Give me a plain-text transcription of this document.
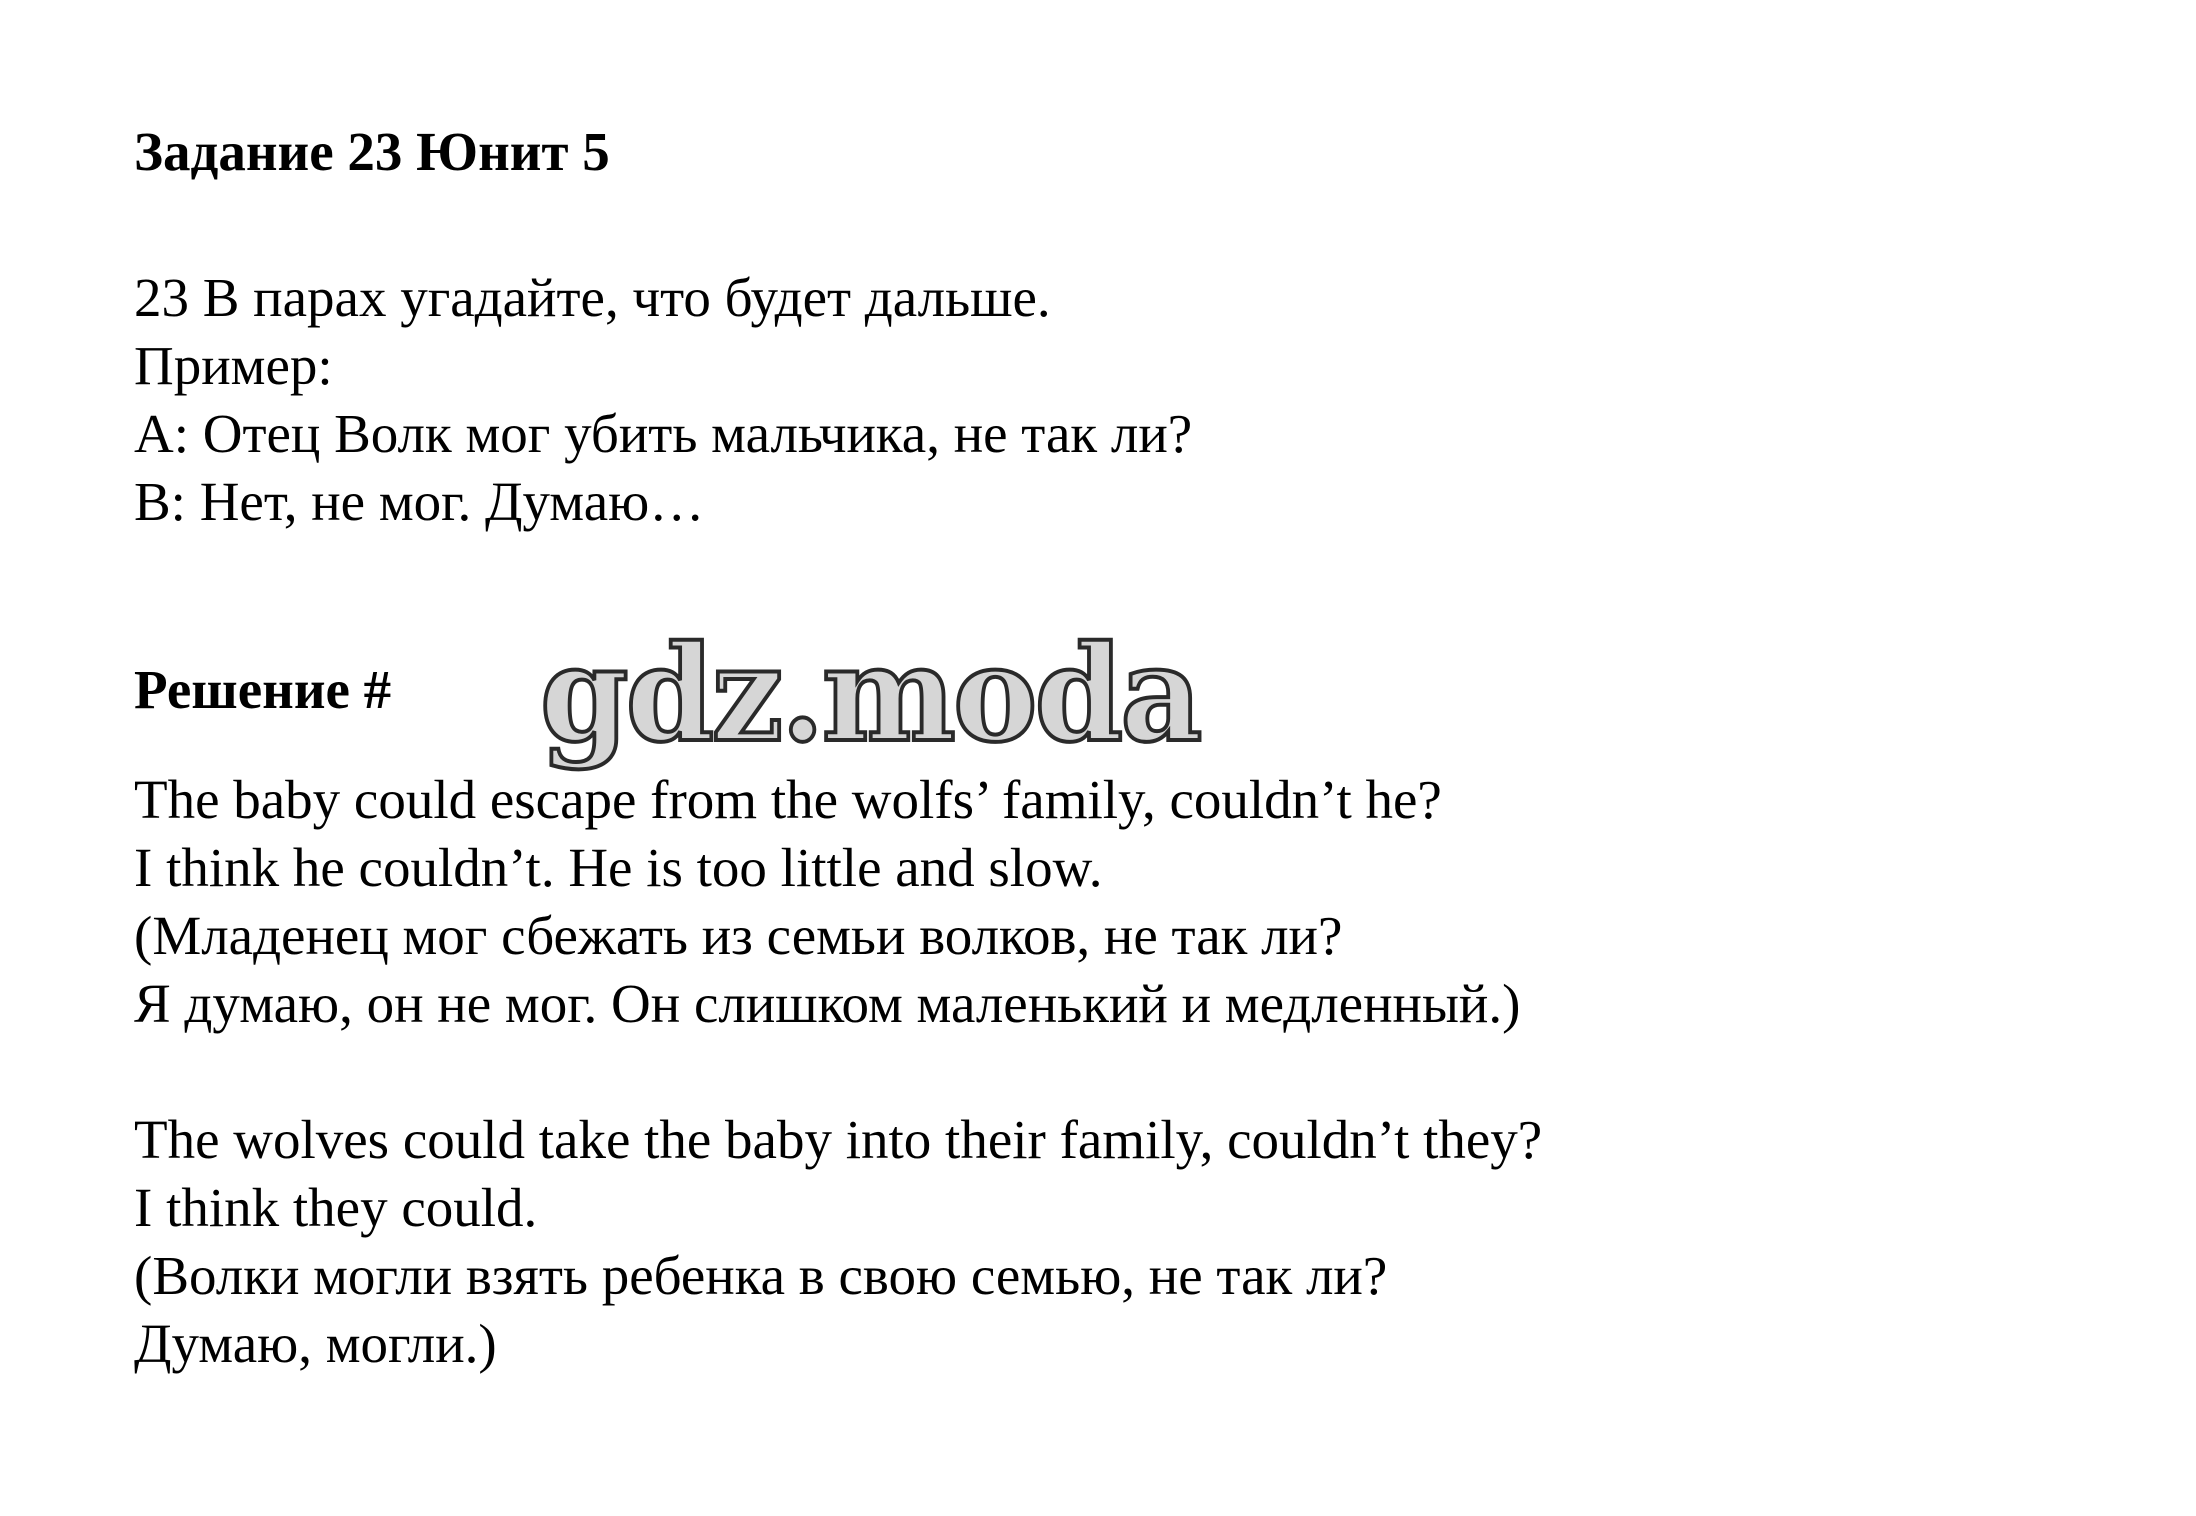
Задание 23 Юнит 5
23 В парах угадайте, что будет дальше.
Пример:
A: Отец Волк мог убить мальчика, не так ли?
B: Нет, не мог. Думаю…
Решение # gdz.moda
The baby could escape from the wolfs’ family, couldn’t he?
I think he couldn’t. He is too little and slow.
(Младенец мог сбежать из семьи волков, не так ли?
Я думаю, он не мог. Он слишком маленький и медленный.)
The wolves could take the baby into their family, couldn’t they?
I think they could.
(Волки могли взять ребенка в свою семью, не так ли?
Думаю, могли.)
